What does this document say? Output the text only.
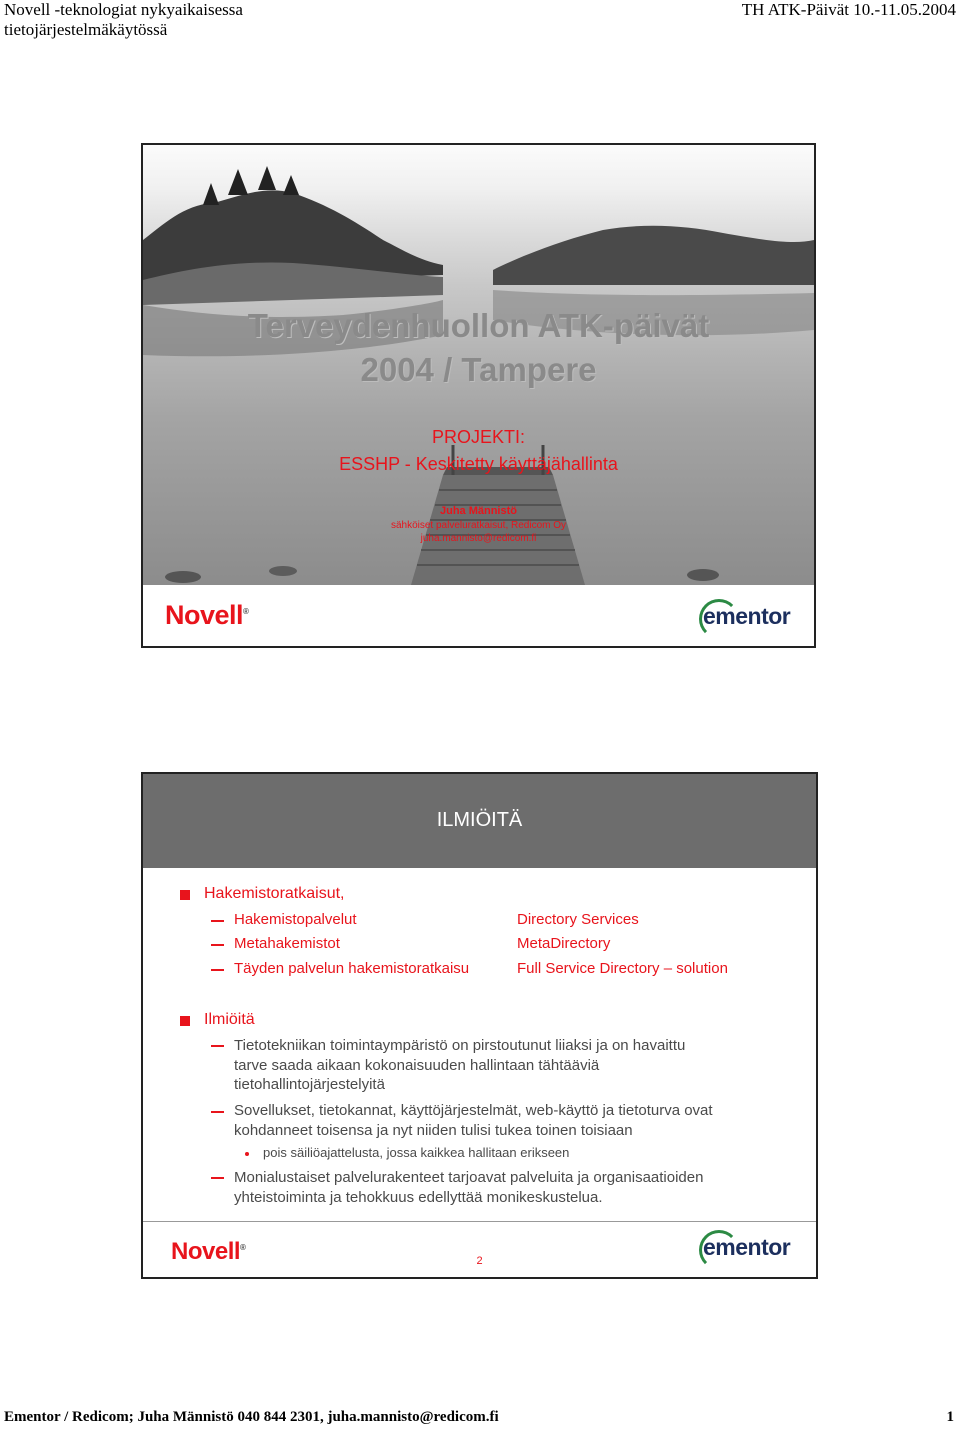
Novell -teknologiat nykyaikaisessa
tietojärjestelmäkäytössä
TH ATK-Päivät 10.-11.05.2004
Terveydenhuollon ATK-päivät
2004 / Tampere
PROJEKTI:
ESSHP - Keskitetty käyttäjähallinta
Juha Männistö
sähköiset palveluratkaisut, Redicom Oy
juha.mannisto@redicom.fi
Novell®	ementor
ILMIÖITÄ
Hakemistoratkaisut,
Hakemistopalvelut	Directory Services
Metahakemistot	MetaDirectory
Täyden palvelun hakemistoratkaisu	Full Service Directory – solution
Ilmiöitä
Tietotekniikan toimintaympäristö on pirstoutunut liiaksi ja on havaittu
tarve saada aikaan kokonaisuuden hallintaan tähtääviä
tietohallintojärjestelyitä
Sovellukset, tietokannat, käyttöjärjestelmät, web-käyttö ja tietoturva ovat
kohdanneet toisensa ja nyt niiden tulisi tukea toinen toisiaan
pois säiliöajattelusta, jossa kaikkea hallitaan erikseen
Monialustaiset palvelurakenteet tarjoavat palveluita ja organisaatioiden
yhteistoiminta ja tehokkuus edellyttää monikeskustelua.
Novell®
2
ementor
Ementor / Redicom; Juha Männistö 040 844 2301, juha.mannisto@redicom.fi	1
